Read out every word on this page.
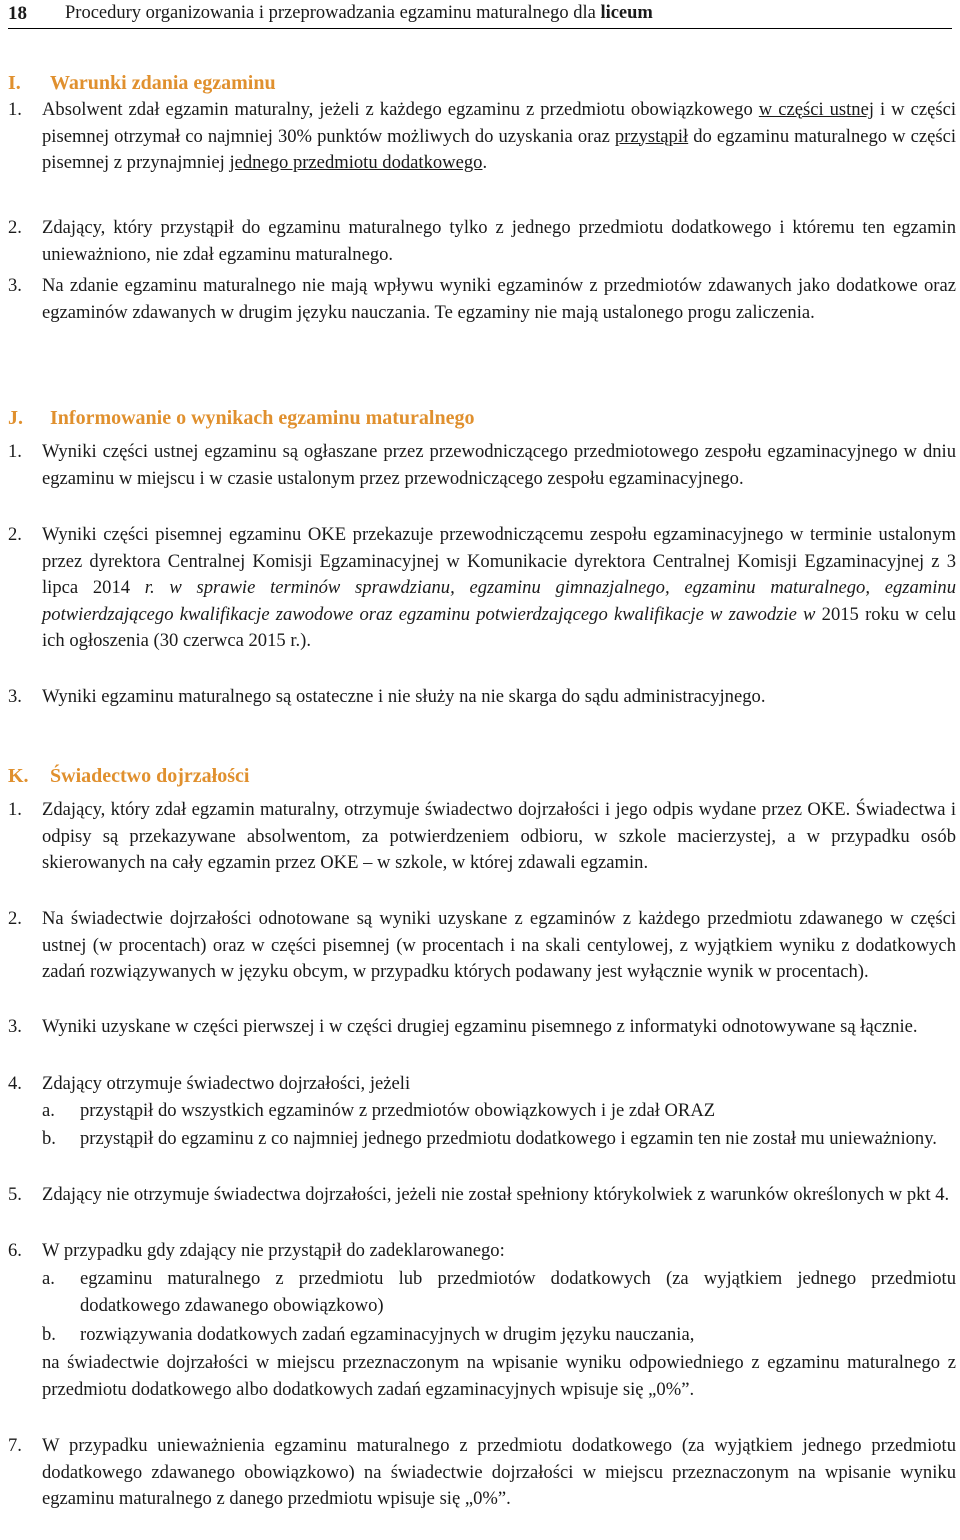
18 Procedury organizowania i przeprowadzania egzaminu maturalnego dla liceum
I. Warunki zdania egzaminu
1. Absolwent zdał egzamin maturalny, jeżeli z każdego egzaminu z przedmiotu obowiązkowego w części ustnej i w części pisemnej otrzymał co najmniej 30% punktów możliwych do uzyskania oraz przystąpił do egzaminu maturalnego w części pisemnej z przynajmniej jednego przedmiotu dodatkowego.
2. Zdający, który przystąpił do egzaminu maturalnego tylko z jednego przedmiotu dodatkowego i któremu ten egzamin unieważniono, nie zdał egzaminu maturalnego.
3. Na zdanie egzaminu maturalnego nie mają wpływu wyniki egzaminów z przedmiotów zdawanych jako dodatkowe oraz egzaminów zdawanych w drugim języku nauczania. Te egzaminy nie mają ustalonego progu zaliczenia.
J. Informowanie o wynikach egzaminu maturalnego
1. Wyniki części ustnej egzaminu są ogłaszane przez przewodniczącego przedmiotowego zespołu egzaminacyjnego w dniu egzaminu w miejscu i w czasie ustalonym przez przewodniczącego zespołu egzaminacyjnego.
2. Wyniki części pisemnej egzaminu OKE przekazuje przewodniczącemu zespołu egzaminacyjnego w terminie ustalonym przez dyrektora Centralnej Komisji Egzaminacyjnej w Komunikacie dyrektora Centralnej Komisji Egzaminacyjnej z 3 lipca 2014 r. w sprawie terminów sprawdzianu, egzaminu gimnazjalnego, egzaminu maturalnego, egzaminu potwierdzającego kwalifikacje zawodowe oraz egzaminu potwierdzającego kwalifikacje w zawodzie w 2015 roku w celu ich ogłoszenia (30 czerwca 2015 r.).
3. Wyniki egzaminu maturalnego są ostateczne i nie służy na nie skarga do sądu administracyjnego.
K. Świadectwo dojrzałości
1. Zdający, który zdał egzamin maturalny, otrzymuje świadectwo dojrzałości i jego odpis wydane przez OKE. Świadectwa i odpisy są przekazywane absolwentom, za potwierdzeniem odbioru, w szkole macierzystej, a w przypadku osób skierowanych na cały egzamin przez OKE – w szkole, w której zdawali egzamin.
2. Na świadectwie dojrzałości odnotowane są wyniki uzyskane z egzaminów z każdego przedmiotu zdawanego w części ustnej (w procentach) oraz w części pisemnej (w procentach i na skali centylowej, z wyjątkiem wyniku z dodatkowych zadań rozwiązywanych w języku obcym, w przypadku których podawany jest wyłącznie wynik w procentach).
3. Wyniki uzyskane w części pierwszej i w części drugiej egzaminu pisemnego z informatyki odnotowywane są łącznie.
4. Zdający otrzymuje świadectwo dojrzałości, jeżeli
a. przystąpił do wszystkich egzaminów z przedmiotów obowiązkowych i je zdał ORAZ
b. przystąpił do egzaminu z co najmniej jednego przedmiotu dodatkowego i egzamin ten nie został mu unieważniony.
5. Zdający nie otrzymuje świadectwa dojrzałości, jeżeli nie został spełniony którykolwiek z warunków określonych w pkt 4.
6. W przypadku gdy zdający nie przystąpił do zadeklarowanego:
a. egzaminu maturalnego z przedmiotu lub przedmiotów dodatkowych (za wyjątkiem jednego przedmiotu dodatkowego zdawanego obowiązkowo)
b. rozwiązywania dodatkowych zadań egzaminacyjnych w drugim języku nauczania,
na świadectwie dojrzałości w miejscu przeznaczonym na wpisanie wyniku odpowiedniego z egzaminu maturalnego z przedmiotu dodatkowego albo dodatkowych zadań egzaminacyjnych wpisuje się „0%”.
7. W przypadku unieważnienia egzaminu maturalnego z przedmiotu dodatkowego (za wyjątkiem jednego przedmiotu dodatkowego zdawanego obowiązkowo) na świadectwie dojrzałości w miejscu przeznaczonym na wpisanie wyniku egzaminu maturalnego z danego przedmiotu wpisuje się „0%”.
